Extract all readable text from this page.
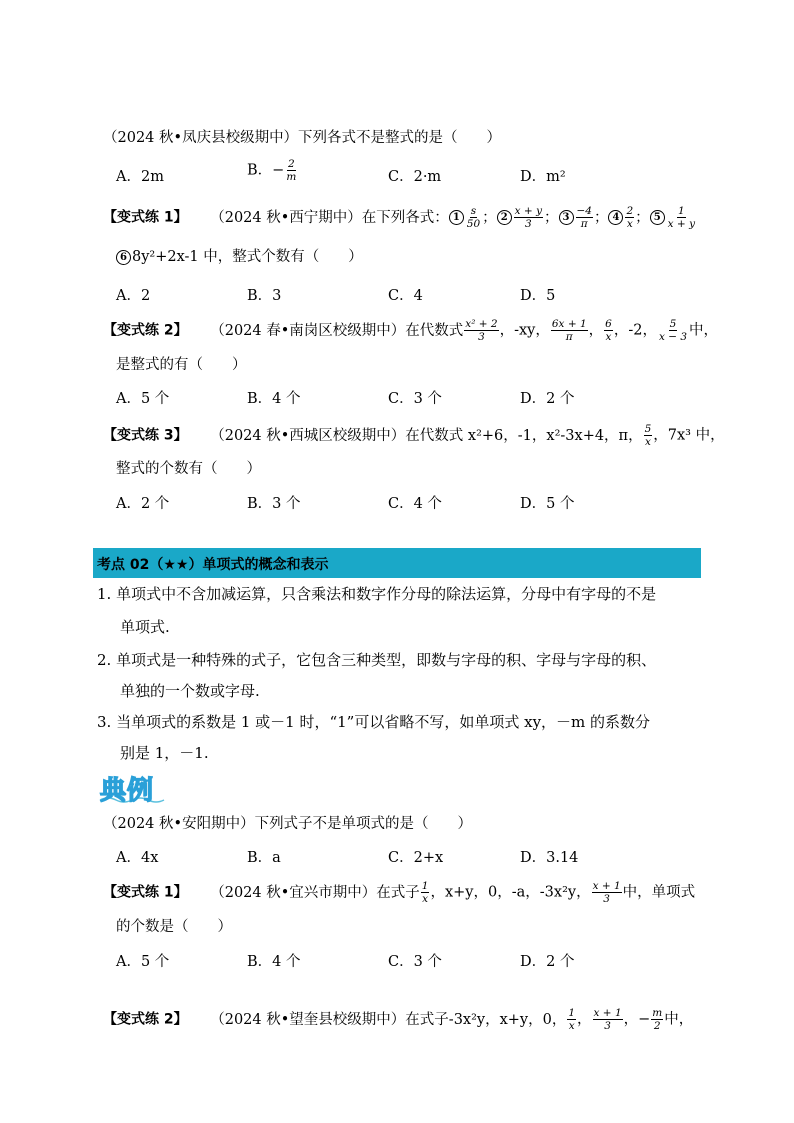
（2024 秋•凤庆县校级期中）下列各式不是整式的是（　　）
A．2m	B．− $\frac{2}{m}$	C．2·m	D．m²
【变式练 1】 （2024 秋•西宁期中）在下列各式： $1 \frac{s}{50}$ ； $2 \frac{x + y}{3}$ ； $3 \frac{-4}{\pi}$ ； $4 \frac{2}{x}$ ； $5 \frac{1}{x + y}$
6 8y²+2x-1 中，整式个数有（　　）
A．2	B．3	C．4	D．5
【变式练 2】 （2024 春•南岗区校级期中）在代数式 $\frac{\text{x² + 2}}{3}$ ，-xy， $\frac{6x + 1}{\pi}$ ， $\frac{6}{x}$ ，-2， $\frac{5}{x - 3}$ 中，
是整式的有（　　）
A．5 个	B．4 个	C．3 个	D．2 个
【变式练 3】 （2024 秋•西城区校级期中）在代数式 x²+6，-1，x²-3x+4，π， $\frac{5}{x}$ ，7x³ 中，
整式的个数有（　　）
A．2 个	B．3 个	C．4 个	D．5 个
考点 02（★★）单项式的概念和表示
1. 单项式中不含加减运算，只含乘法和数字作分母的除法运算，分母中有字母的不是
单项式.
2. 单项式是一种特殊的式子，它包含三种类型，即数与字母的积、字母与字母的积、
单独的一个数或字母.
3. 当单项式的系数是 1 或－1 时，“1”可以省略不写，如单项式 xy，－m 的系数分
别是 1，－1.
典例
（2024 秋•安阳期中）下列式子不是单项式的是（　　）
A．4x	B．a	C．2+x	D．3.14
【变式练 1】 （2024 秋•宜兴市期中）在式子 $\frac{1}{x}$ ，x+y，0，-a，-3x²y， $\frac{x + 1}{3}$ 中，单项式
的个数是（　　）
A．5 个	B．4 个	C．3 个	D．2 个
【变式练 2】 （2024 秋•望奎县校级期中）在式子-3x²y，x+y，0， $\frac{1}{x}$ ， $\frac{x + 1}{3}$ ，− $\frac{m}{2}$ 中，
